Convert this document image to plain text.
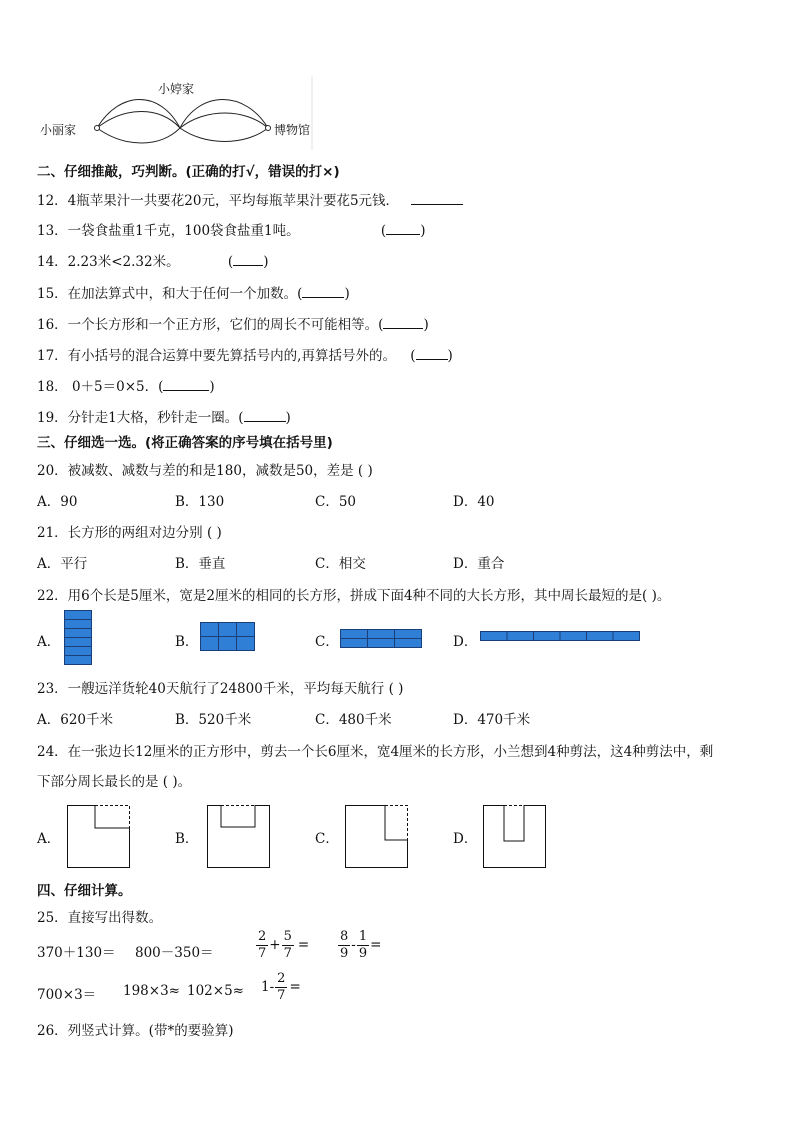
小婷家
小丽家	博物馆
二、仔细推敲，巧判断。(正确的打√，错误的打×)
12．4瓶苹果汁一共要花20元，平均每瓶苹果汁要花5元钱．
13．一袋食盐重1千克，100袋食盐重1吨。	(	)
14．2.23米<2.32米。	( )
15．在加法算式中，和大于任何一个加数。(	)
16．一个长方形和一个正方形，它们的周长不可能相等。(	)
17．有小括号的混合运算中要先算括号内的,再算括号外的。 ( )
18． 0＋5＝0×5．(	)
19．分针走1大格，秒针走一圈。(	)
三、仔细选一选。(将正确答案的序号填在括号里)
20．被减数、减数与差的和是180，减数是50，差是 ( )
A．90	B．130	C．50	D．40
21．长方形的两组对边分别 ( )
A．平行	B．垂直	C．相交	D．重合
22．用6个长是5厘米，宽是2厘米的相同的长方形，拼成下面4种不同的大长方形，其中周长最短的是( )。
A．	B．	C．	D．
23．一艘远洋货轮40天航行了24800千米，平均每天航行 ( )
A．620千米	B．520千米	C．480千米	D．470千米
24．在一张边长12厘米的正方形中，剪去一个长6厘米，宽4厘米的长方形，小兰想到4种剪法，这4种剪法中，剩
下部分周长最长的是 ( )。
A．	B．	C．	D．
四、仔细计算。
25．直接写出得数。
370＋130＝ 800－350＝	$\frac{2}{7} + \frac{5}{7} = \frac{8}{9} - \frac{1}{9}$ =
$700\times 3= 198\times 3\approx 102\times 5\approx 1- \frac{2}{7}$ =
26．列竖式计算。(带*的要验算)
